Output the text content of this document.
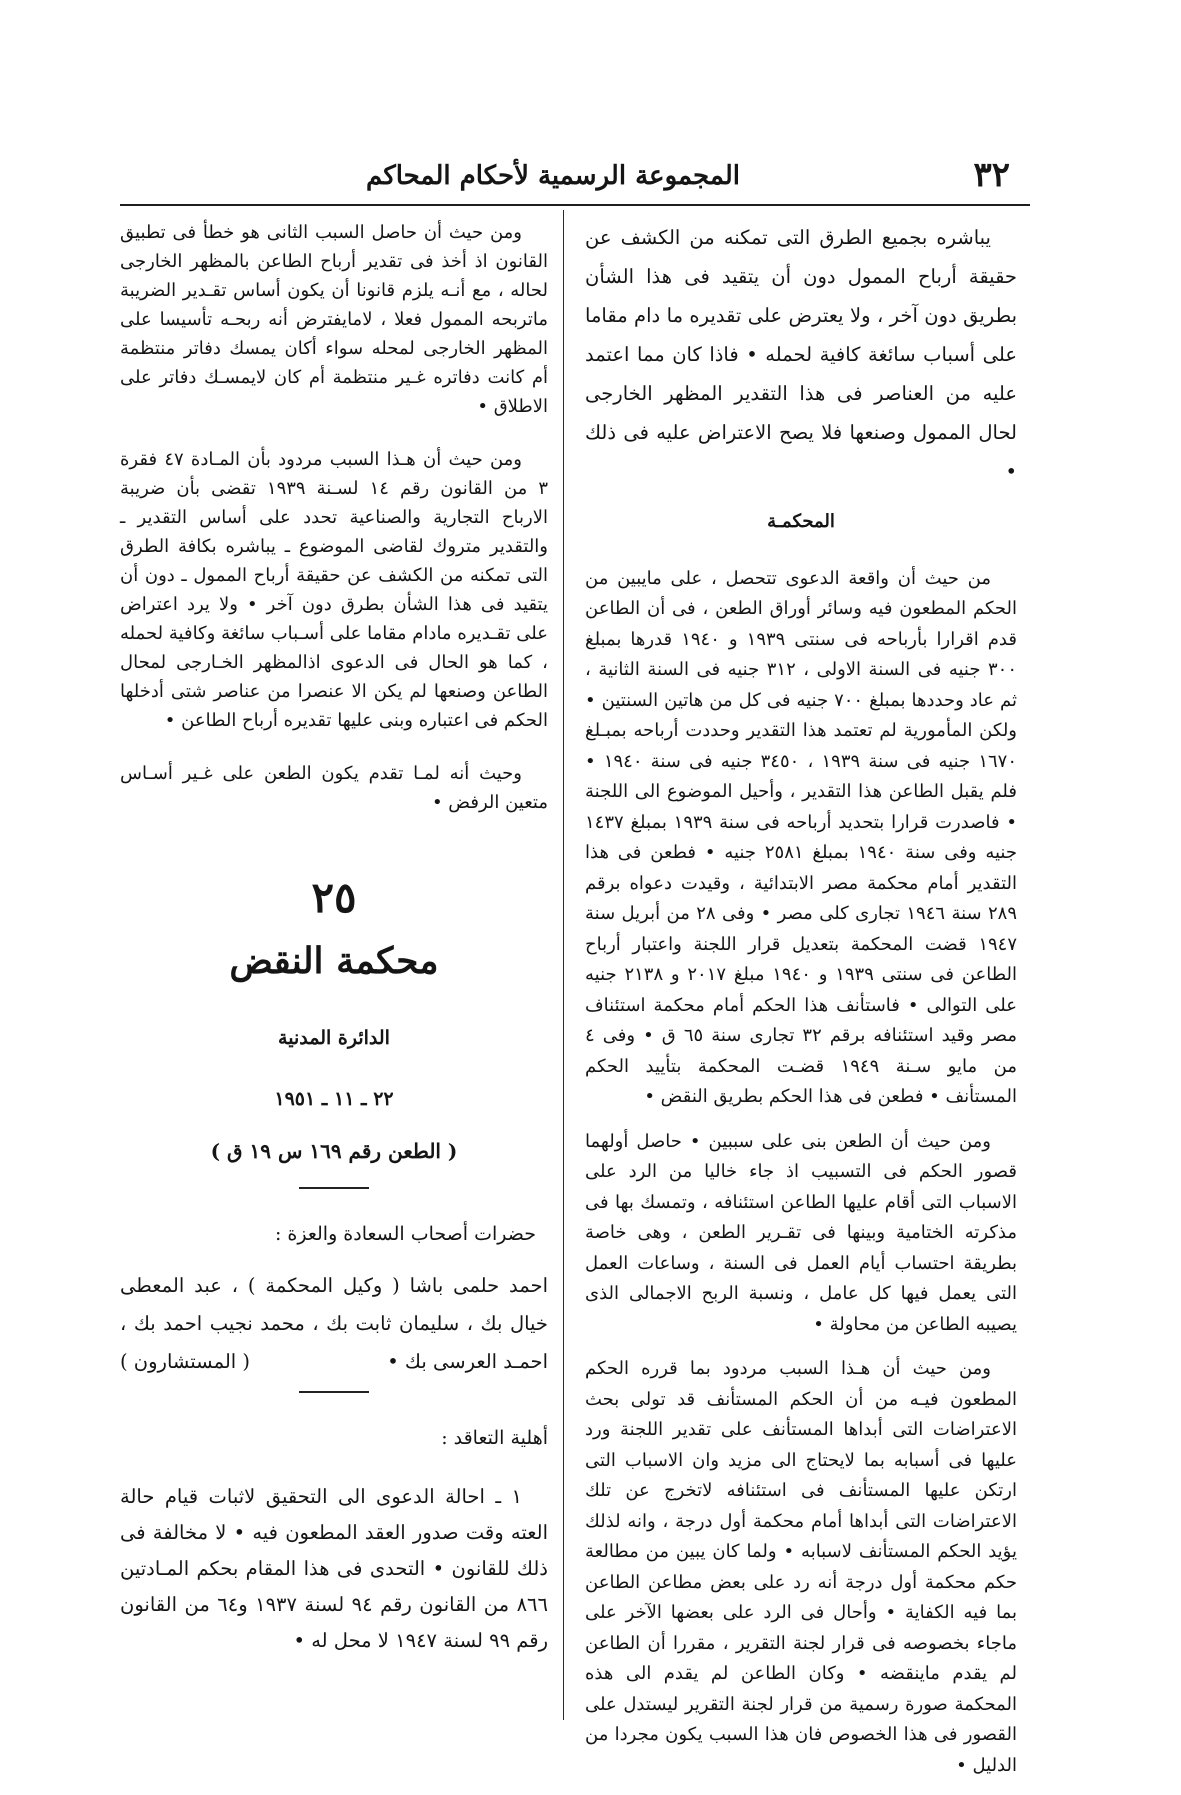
٣٢
المجموعة الرسمية لأحكام المحاكم

يباشره بجميع الطرق التى تمكنه من الكشف عن حقيقة أرباح الممول دون أن يتقيد فى هذا الشأن بطريق دون آخر ، ولا يعترض على تقديره ما دام مقاما على أسباب سائغة كافية لحمله • فاذا كان مما اعتمد عليه من العناصر فى هذا التقدير المظهر الخارجى لحال الممول وصنعها فلا يصح الاعتراض عليه فى ذلك •

المحكمـة

من حيث أن واقعة الدعوى تتحصل ، على مايبين من الحكم المطعون فيه وسائر أوراق الطعن ، فى أن الطاعن قدم اقرارا بأرباحه فى سنتى ١٩٣٩ و ١٩٤٠ قدرها بمبلغ ٣٠٠ جنيه فى السنة الاولى ، ٣١٢ جنيه فى السنة الثانية ، ثم عاد وحددها بمبلغ ٧٠٠ جنيه فى كل من هاتين السنتين • ولكن المأمورية لم تعتمد هذا التقدير وحددت أرباحه بمبـلغ ١٦٧٠ جنيه فى سنة ١٩٣٩ ، ٣٤٥٠ جنيه فى سنة ١٩٤٠ • فلم يقبل الطاعن هذا التقدير ، وأحيل الموضوع الى اللجنة • فاصدرت قرارا بتحديد أرباحه فى سنة ١٩٣٩ بمبلغ ١٤٣٧ جنيه وفى سنة ١٩٤٠ بمبلغ ٢٥٨١ جنيه • فطعن فى هذا التقدير أمام محكمة مصر الابتدائية ، وقيدت دعواه برقم ٢٨٩ سنة ١٩٤٦ تجارى كلى مصر • وفى ٢٨ من أبريل سنة ١٩٤٧ قضت المحكمة بتعديل قرار اللجنة واعتبار أرباح الطاعن فى سنتى ١٩٣٩ و ١٩٤٠ مبلغ ٢٠١٧ و ٢١٣٨ جنيه على التوالى • فاستأنف هذا الحكم أمام محكمة استئناف مصر وقيد استئنافه برقم ٣٢ تجارى سنة ٦٥ ق • وفى ٤ من مايو سـنة ١٩٤٩ قضـت المحكمة بتأييد الحكم المستأنف • فطعن فى هذا الحكم بطريق النقض •

ومن حيث أن الطعن بنى على سببين • حاصل أولهما قصور الحكم فى التسبيب اذ جاء خاليا من الرد على الاسباب التى أقام عليها الطاعن استئنافه ، وتمسك بها فى مذكرته الختامية وبينها فى تقـرير الطعن ، وهى خاصة بطريقة احتساب أيام العمل فى السنة ، وساعات العمل التى يعمل فيها كل عامل ، ونسبة الربح الاجمالى الذى يصيبه الطاعن من محاولة •

ومن حيث أن هـذا السبب مردود بما قرره الحكم المطعون فيـه من أن الحكم المستأنف قد تولى بحث الاعتراضات التى أبداها المستأنف على تقدير اللجنة ورد عليها فى أسبابه بما لايحتاج الى مزيد وان الاسباب التى ارتكن عليها المستأنف فى استئنافه لاتخرج عن تلك الاعتراضات التى أبداها أمام محكمة أول درجة ، وانه لذلك يؤيد الحكم المستأنف لاسبابه • ولما كان يبين من مطالعة حكم محكمة أول درجة أنه رد على بعض مطاعن الطاعن بما فيه الكفاية • وأحال فى الرد على بعضها الآخر على ماجاء بخصوصه فى قرار لجنة التقرير ، مقررا أن الطاعن لم يقدم ماينقضه • وكان الطاعن لم يقدم الى هذه المحكمة صورة رسمية من قرار لجنة التقرير ليستدل على القصور فى هذا الخصوص فان هذا السبب يكون مجردا من الدليل •

ومن حيث أن حاصل السبب الثانى هو خطأ فى تطبيق القانون اذ أخذ فى تقدير أرباح الطاعن بالمظهر الخارجى لحاله ، مع أنـه يلزم قانونا أن يكون أساس تقـدير الضريبة ماتربحه الممول فعلا ، لامايفترض أنه ربحـه تأسيسا على المظهر الخارجى لمحله سواء أكان يمسك دفاتر منتظمة أم كانت دفاتره غـير منتظمة أم كان لايمسـك دفاتر على الاطلاق •

ومن حيث أن هـذا السبب مردود بأن المـادة ٤٧ فقرة ٣ من القانون رقم ١٤ لسـنة ١٩٣٩ تقضى بأن ضريبة الارباح التجارية والصناعية تحدد على أساس التقدير ـ والتقدير متروك لقاضى الموضوع ـ يباشره بكافة الطرق التى تمكنه من الكشف عن حقيقة أرباح الممول ـ دون أن يتقيد فى هذا الشأن بطرق دون آخر • ولا يرد اعتراض على تقـديره مادام مقاما على أسـباب سائغة وكافية لحمله ، كما هو الحال فى الدعوى اذالمظهر الخـارجى لمحال الطاعن وصنعها لم يكن الا عنصرا من عناصر شتى أدخلها الحكم فى اعتباره وبنى عليها تقديره أرباح الطاعن •

وحيث أنه لمـا تقدم يكون الطعن على غـير أسـاس متعين الرفض •

٢٥
محكمة النقض
الدائرة المدنية
٢٢ ـ ١١ ـ ١٩٥١
( الطعن رقم ١٦٩ س ١٩ ق )

حضرات أصحاب السعادة والعزة :

احمد حلمى باشا ( وكيل المحكمة ) ، عبد المعطى خيال بك ، سليمان ثابت بك ، محمد نجيب احمد بك ، احمـد العرسى بك •
( المستشارون )

أهلية التعاقد :

١ ـ احالة الدعوى الى التحقيق لاثبات قيام حالة العته وقت صدور العقد المطعون فيه • لا مخالفة فى ذلك للقانون • التحدى فى هذا المقام بحكم المـادتين ٨٦٦ من القانون رقم ٩٤ لسنة ١٩٣٧ و٦٤ من القانون رقم ٩٩ لسنة ١٩٤٧ لا محل له •
